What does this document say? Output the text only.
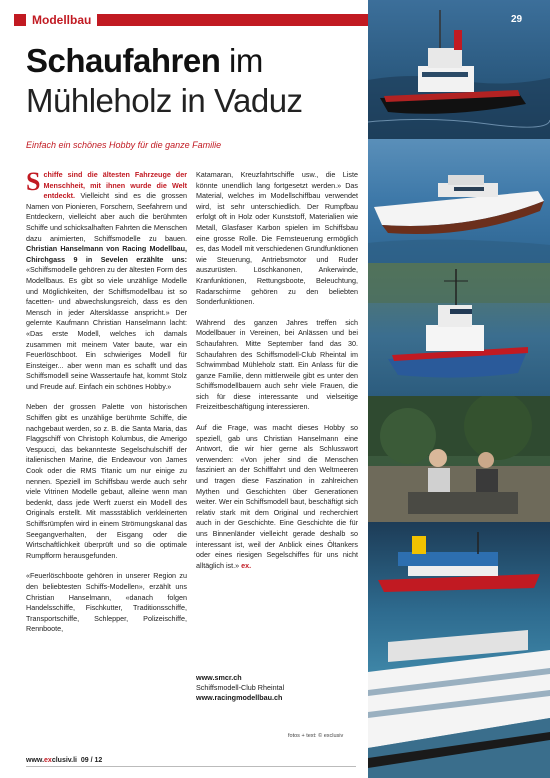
Modellbau	29
Schaufahren im
Mühleholz in Vaduz
Einfach ein schönes Hobby für die ganze Familie

Schiffe sind die ältesten Fahrzeuge der Menschheit, mit ihnen wurde die Welt entdeckt. Vielleicht sind es die grossen Namen von Pionieren, Forschern, Seefahrern und Entdeckern, vielleicht aber auch die berühmten Schiffe und schicksalhaften Fahrten die Menschen dazu animierten, Schiffsmodelle zu bauen. Christian Hanselmann von Racing Modellbau, Chirchgass 9 in Sevelen erzählte uns: «Schiffsmodelle gehören zu der ältesten Form des Modellbaus. Es gibt so viele unzählige Modelle und Möglichkeiten, der Schiffsmodellbau ist so facetten- und abwechslungsreich, dass es den Mensch in jeder Altersklasse anspricht.» Der gelernte Kaufmann Christian Hanselmann lacht: «Das erste Modell, welches ich damals zusammen mit meinem Vater baute, war ein Feuerlöschboot. Ein schwieriges Modell für Einsteiger... aber wenn man es schafft und das Schiffsmodell seine Wassertaufe hat, kommt Stolz und Freude auf. Einfach ein schönes Hobby.»

Neben der grossen Palette von historischen Schiffen gibt es unzählige berühmte Schiffe, die nachgebaut werden, so z. B. die Santa Maria, das Flaggschiff von Christoph Kolumbus, die Amerigo Vespucci, das bekannteste Segelschulschiff der italienischen Marine, die Endeavour von James Cook oder die RMS Titanic um nur einige zu nennen. Speziell im Schiffsbau werde auch sehr viele Vitrinen Modelle gebaut, alleine wenn man bedenkt, dass jede Werft zuerst ein Modell des Originals erstellt. Mit massstäblich verkleinerten Schiffsrümpfen wird in einem Strömungskanal das Seegangverhalten, der Eisgang oder die Wirtschaftlichkeit überprüft und so die optimale Rumpfform herausgefunden.

«Feuerlöschboote gehören in unserer Region zu den beliebtesten Schiffs-Modellen», erzählt uns Christian Hanselmann, «danach folgen Handelsschiffe, Fischkutter, Traditionsschiffe, Transportschiffe, Schlepper, Polizeischiffe, Rennboote,

Katamaran, Kreuzfahrtschiffe usw., die Liste könnte unendlich lang fortgesetzt werden.» Das Material, welches im Modellschiffbau verwendet wird, ist sehr unterschiedlich. Der Rumpfbau erfolgt oft in Holz oder Kunststoff, Materialien wie Metall, Glasfaser Karbon spielen im Schiffsbau eine grosse Rolle. Die Fernsteuerung ermöglich es, das Modell mit verschiedenen Grundfunktionen wie Steuerung, Antriebsmotor und Ruder auszurüsten. Löschkanonen, Ankerwinde, Kranfunktionen, Rettungsboote, Beleuchtung, Radarschirme gehören zu den beliebten Sonderfunktionen.

Während des ganzen Jahres treffen sich Modellbauer in Vereinen, bei Anlässen und bei Schaufahren. Mitte September fand das 30. Schaufahren des Schiffsmodell-Club Rheintal im Schwimmbad Mühleholz statt. Ein Anlass für die ganze Familie, denn mittlerweile gibt es unter den Schiffsmodellbauern auch sehr viele Frauen, die sich für diese interessante und vielseitige Freizeitbeschäftigung interessieren.

Auf die Frage, was macht dieses Hobby so speziell, gab uns Christian Hanselmann eine Antwort, die wir hier gerne als Schlusswort verwenden: «Von jeher sind die Menschen fasziniert an der Schifffahrt und den Weltmeeren und tragen diese Faszination in zahlreichen Mythen und Geschichten über Generationen weiter. Wer ein Schiffsmodell baut, beschäftigt sich relativ stark mit dem Original und recherchiert auch in der Geschichte. Eine Geschichte die für uns Binnenländer vielleicht gerade deshalb so interessant ist, weil der Anblick eines Öltankers oder eines riesigen Segelschiffes für uns nicht alltäglich ist.» ex.

www.smcr.ch
Schiffsmodell-Club Rheintal
www.racingmodellbau.ch
fotos + text: © exclusiv
www.exclusiv.li 09 / 12
